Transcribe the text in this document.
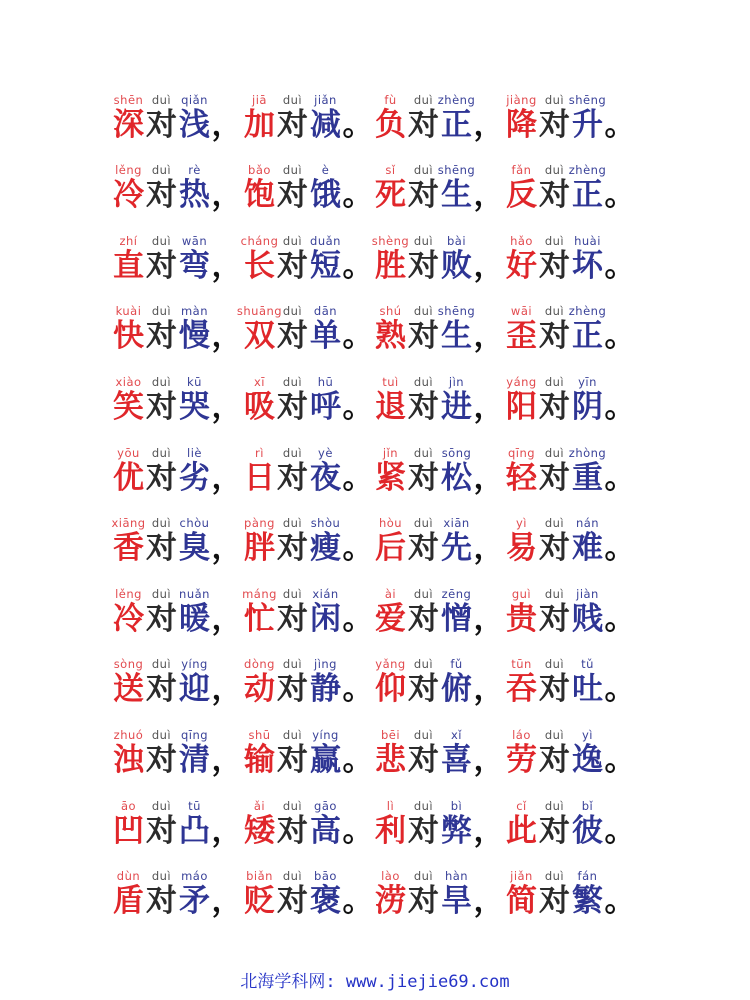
shēn
深
duì
对
qiǎn
浅
，
jiā
加
duì
对
jiǎn
减
。
fù
负
duì
对
zhèng
正
，
jiàng
降
duì
对
shēng
升
。
lěng
冷
duì
对
rè
热
，
bǎo
饱
duì
对
è
饿
。
sǐ
死
duì
对
shēng
生
，
fǎn
反
duì
对
zhèng
正
。
zhí
直
duì
对
wān
弯
，
cháng
长
duì
对
duǎn
短
。
shèng
胜
duì
对
bài
败
，
hǎo
好
duì
对
huài
坏
。
kuài
快
duì
对
màn
慢
，
shuāng
双
duì
对
dān
单
。
shú
熟
duì
对
shēng
生
，
wāi
歪
duì
对
zhèng
正
。
xiào
笑
duì
对
kū
哭
，
xī
吸
duì
对
hū
呼
。
tuì
退
duì
对
jìn
进
，
yáng
阳
duì
对
yīn
阴
。
yōu
优
duì
对
liè
劣
，
rì
日
duì
对
yè
夜
。
jǐn
紧
duì
对
sōng
松
，
qīng
轻
duì
对
zhòng
重
。
xiāng
香
duì
对
chòu
臭
，
pàng
胖
duì
对
shòu
瘦
。
hòu
后
duì
对
xiān
先
，
yì
易
duì
对
nán
难
。
lěng
冷
duì
对
nuǎn
暖
，
máng
忙
duì
对
xián
闲
。
ài
爱
duì
对
zēng
憎
，
guì
贵
duì
对
jiàn
贱
。
sòng
送
duì
对
yíng
迎
，
dòng
动
duì
对
jìng
静
。
yǎng
仰
duì
对
fǔ
俯
，
tūn
吞
duì
对
tǔ
吐
。
zhuó
浊
duì
对
qīng
清
，
shū
输
duì
对
yíng
赢
。
bēi
悲
duì
对
xǐ
喜
，
láo
劳
duì
对
yì
逸
。
āo
凹
duì
对
tū
凸
，
ǎi
矮
duì
对
gāo
高
。
lì
利
duì
对
bì
弊
，
cǐ
此
duì
对
bǐ
彼
。
dùn
盾
duì
对
máo
矛
，
biǎn
贬
duì
对
bāo
褒
。
lào
涝
duì
对
hàn
旱
，
jiǎn
简
duì
对
fán
繁
。
北海学科网: www.jiejie69.com
